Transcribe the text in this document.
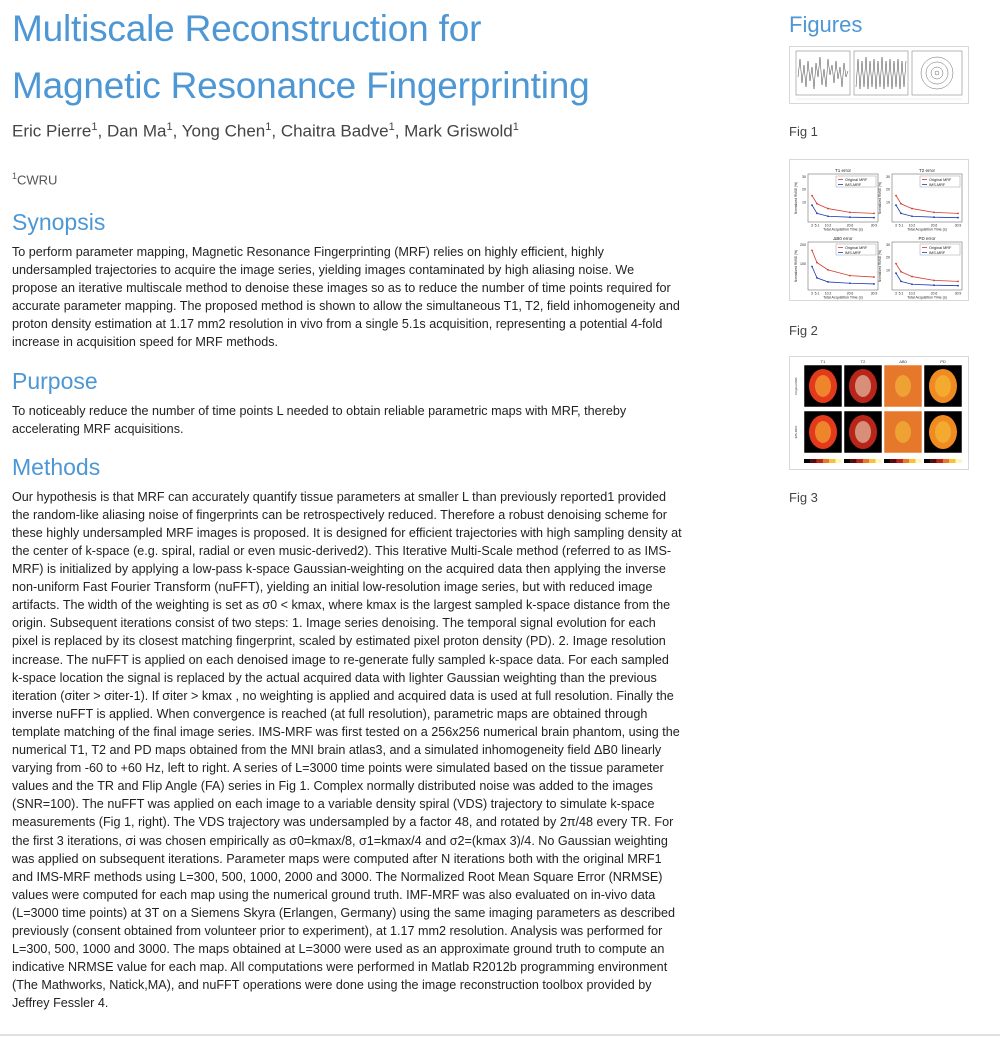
Multiscale Reconstruction for
Magnetic Resonance Fingerprinting
Eric Pierre$^1$, Dan Ma$^1$, Yong Chen$^1$, Chaitra Badve$^1$, Mark Griswold$^1$
$^1$CWRU
Synopsis

To perform parameter mapping, Magnetic Resonance Fingerprinting (MRF) relies on highly efficient, highly undersampled trajectories to acquire the image series, yielding images contaminated by high aliasing noise. We propose an iterative multiscale method to denoise these images so as to reduce the number of time points required for accurate parameter mapping. The proposed method is shown to allow the simultaneous T1, T2, field inhomogeneity and proton density estimation at 1.17 mm2 resolution in vivo from a single 5.1s acquisition, representing a potential 4-fold increase in acquisition speed for MRF methods.

Purpose

To noticeably reduce the number of time points L needed to obtain reliable parametric maps with MRF, thereby accelerating MRF acquisitions.

Methods

Our hypothesis is that MRF can accurately quantify tissue parameters at smaller L than previously reported1 provided the random-like aliasing noise of fingerprints can be retrospectively reduced. Therefore a robust denoising scheme for these highly undersampled MRF images is proposed. It is designed for efficient trajectories with high sampling density at the center of k-space (e.g. spiral, radial or even music-derived2). This Iterative Multi-Scale method (referred to as IMS-MRF) is initialized by applying a low-pass k-space Gaussian-weighting on the acquired data then applying the inverse non-uniform Fast Fourier Transform (nuFFT), yielding an initial low-resolution image series, but with reduced image artifacts. The width of the weighting is set as σ0 < kmax, where kmax is the largest sampled k-space distance from the origin. Subsequent iterations consist of two steps: 1. Image series denoising. The temporal signal evolution for each pixel is replaced by its closest matching fingerprint, scaled by estimated pixel proton density (PD). 2. Image resolution increase. The nuFFT is applied on each denoised image to re-generate fully sampled k-space data. For each sampled k-space location the signal is replaced by the actual acquired data with lighter Gaussian weighting than the previous iteration (σiter > σiter-1). If σiter > kmax , no weighting is applied and acquired data is used at full resolution. Finally the inverse nuFFT is applied. When convergence is reached (at full resolution), parametric maps are obtained through template matching of the final image series. IMS-MRF was first tested on a 256x256 numerical brain phantom, using the numerical T1, T2 and PD maps obtained from the MNI brain atlas3, and a simulated inhomogeneity field ΔB0 linearly varying from -60 to +60 Hz, left to right. A series of L=3000 time points were simulated based on the tissue parameter values and the TR and Flip Angle (FA) series in Fig 1. Complex normally distributed noise was added to the images (SNR=100). The nuFFT was applied on each image to a variable density spiral (VDS) trajectory to simulate k-space measurements (Fig 1, right). The VDS trajectory was undersampled by a factor 48, and rotated by 2π/48 every TR. For the first 3 iterations, σi was chosen empirically as σ0=kmax/8, σ1=kmax/4 and σ2=(kmax 3)/4. No Gaussian weighting was applied on subsequent iterations. Parameter maps were computed after N iterations both with the original MRF1 and IMS-MRF methods using L=300, 500, 1000, 2000 and 3000. The Normalized Root Mean Square Error (NRMSE) values were computed for each map using the numerical ground truth. IMF-MRF was also evaluated on in-vivo data (L=3000 time points) at 3T on a Siemens Skyra (Erlangen, Germany) using the same imaging parameters as described previously (consent obtained from volunteer prior to experiment), at 1.17 mm2 resolution. Analysis was performed for L=300, 500, 1000 and 3000. The maps obtained at L=3000 were used as an approximate ground truth to compute an indicative NRMSE value for each map. All computations were performed in Matlab R2012b programming environment (The Mathworks, Natick,MA), and nuFFT operations were done using the image reconstruction toolbox provided by Jeffrey Fessler 4.

Figures
Fig 1
T1 error
Normalized RMSE (%)
30
20
10
3 5.1 10.2	20.6	30.9
Total Acquisition Time (s)
Original MRF
IMS-MRF
T2 error
Normalized RMSE (%)
30
20
10
3 5.1 10.2	20.6	30.9
Total Acquisition Time (s)
Original MRF
IMS-MRF
ΔB0 error
Normalized RMSE (%)
200
100
3 5.1 10.2	20.6	30.9
Total Acquisition Time (s)
Original MRF
IMS-MRF
PD error
Normalized RMSE (%)
30
20
10
3 5.1 10.2	20.6	30.9
Total Acquisition Time (s)
Original MRF
IMS-MRF
Fig 2
T1	T2	ΔB0	PD
Original MRF
IMS-MRF
Fig 3
